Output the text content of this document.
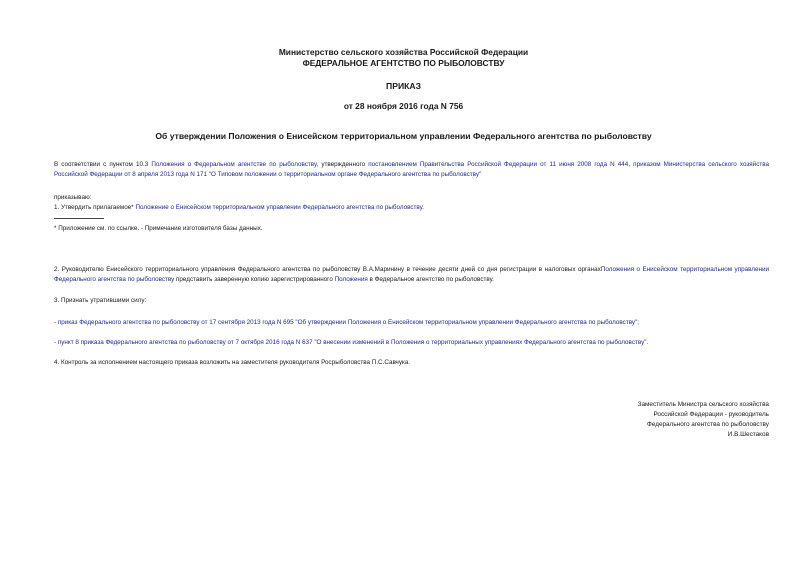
Министерство сельского хозяйства Российской Федерации
ФЕДЕРАЛЬНОЕ АГЕНТСТВО ПО РЫБОЛОВСТВУ
ПРИКАЗ
от 28 ноября 2016 года N 756
Об утверждении Положения о Енисейском территориальном управлении Федерального агентства по рыболовству
В соответствии с пунктом 10.3 Положения о Федеральном агентстве по рыболовству, утвержденного постановлением Правительства Российской Федерации от 11 июня 2008 года N 444, приказом Министерства сельского хозяйства Российской Федерации от 8 апреля 2013 года N 171 "О Типовом положении о территориальном органе Федерального агентства по рыболовству"
приказываю:
1. Утвердить прилагаемое* Положение о Енисейском территориальном управлении Федерального агентства по рыболовству.
* Приложение см. по ссылке. - Примечание изготовителя базы данных.
2. Руководителю Енисейского территориального управления Федерального агентства по рыболовству В.А.Маринину в течение десяти дней со дня регистрации в налоговых органахПоложения о Енисейском территориальном управлении Федерального агентства по рыболовству представить заверенную копию зарегистрированного Положения в Федеральное агентство по рыболовству.
3. Признать утратившими силу:
- приказ Федерального агентства по рыболовству от 17 сентября 2013 года N 695 "Об утверждении Положения о Енисейском территориальном управлении Федерального агентства по рыболовству";
- пункт 8 приказа Федерального агентства по рыболовству от 7 октября 2016 года N 637 "О внесении изменений в Положения о территориальных управлениях Федерального агентства по рыболовству".
4. Контроль за исполнением настоящего приказа возложить на заместителя руководителя Росрыболовства П.С.Савчука.
Заместитель Министра сельского хозяйства
Российской Федерации - руководитель
Федерального агентства по рыболовству
И.В.Шестаков
